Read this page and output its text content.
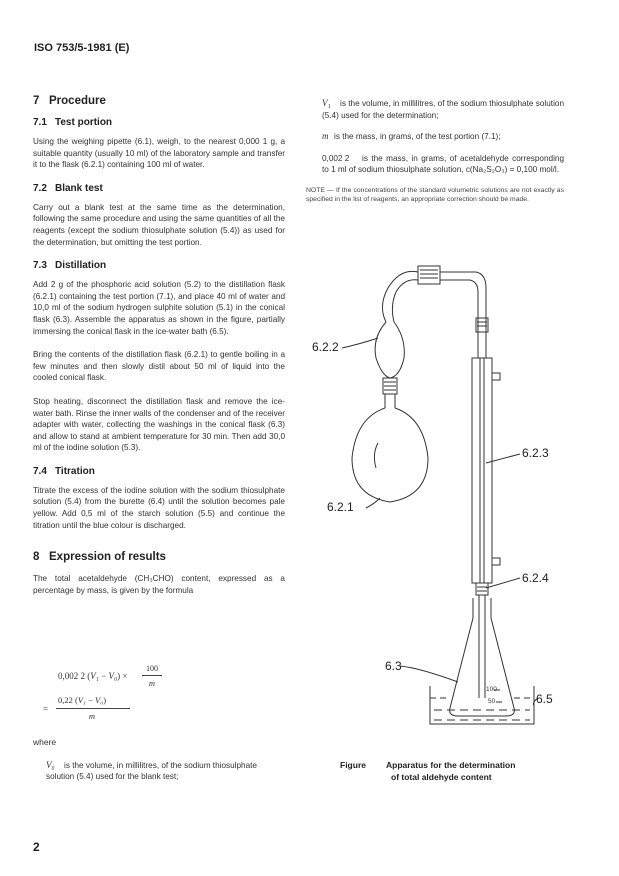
ISO 753/5-1981 (E)
7 Procedure
7.1 Test portion
Using the weighing pipette (6.1), weigh, to the nearest 0,000 1 g, a suitable quantity (usually 10 ml) of the laboratory sample and transfer it to the flask (6.2.1) containing 100 ml of water.
7.2 Blank test
Carry out a blank test at the same time as the determination, following the same procedure and using the same quantities of all the reagents (except the sodium thiosulphate solution (5.4)) as used for the determination, but omitting the test portion.
7.3 Distillation
Add 2 g of the phosphoric acid solution (5.2) to the distillation flask (6.2.1) containing the test portion (7.1), and place 40 ml of water and 10,0 ml of the sodium hydrogen sulphite solution (5.1) in the conical flask (6.3). Assemble the apparatus as shown in the figure, partially immersing the conical flask in the ice-water bath (6.5).
Bring the contents of the distillation flask (6.2.1) to gentle boiling in a few minutes and then slowly distil about 50 ml of liquid into the cooled conical flask.
Stop heating, disconnect the distillation flask and remove the ice-water bath. Rinse the inner walls of the condenser and of the receiver adapter with water, collecting the washings in the conical flask (6.3) and allow to stand at ambient temperature for 30 min. Then add 30,0 ml of the iodine solution (5.3).
7.4 Titration
Titrate the excess of the iodine solution with the sodium thiosulphate solution (5.4) from the burette (6.4) until the solution becomes pale yellow. Add 0,5 ml of the starch solution (5.5) and continue the titration until the blue colour is discharged.
8 Expression of results
The total acetaldehyde (CH₃CHO) content, expressed as a percentage by mass, is given by the formula
0,002 2 (V₁ − V₀) ×
100
m
=
0,22 (V₁ − V₀)
m
where
V₀ is the volume, in millilitres, of the sodium thiosulphate solution (5.4) used for the blank test;
V₁ is the volume, in millilitres, of the sodium thiosulphate solution (5.4) used for the determination;
m is the mass, in grams, of the test portion (7.1);
0,002 2 is the mass, in grams, of acetaldehyde corresponding to 1 ml of sodium thiosulphate solution, c(Na₂S₂O₃) = 0,100 mol/l.
NOTE — If the concentrations of the standard volumetric solutions are not exactly as specified in the list of reagents, an appropriate correction should be made.
6.2.2
6.2.3
6.2.1
6.2.4
6.3
6.5
100
50
Figure Apparatus for the determination
of total aldehyde content
2
